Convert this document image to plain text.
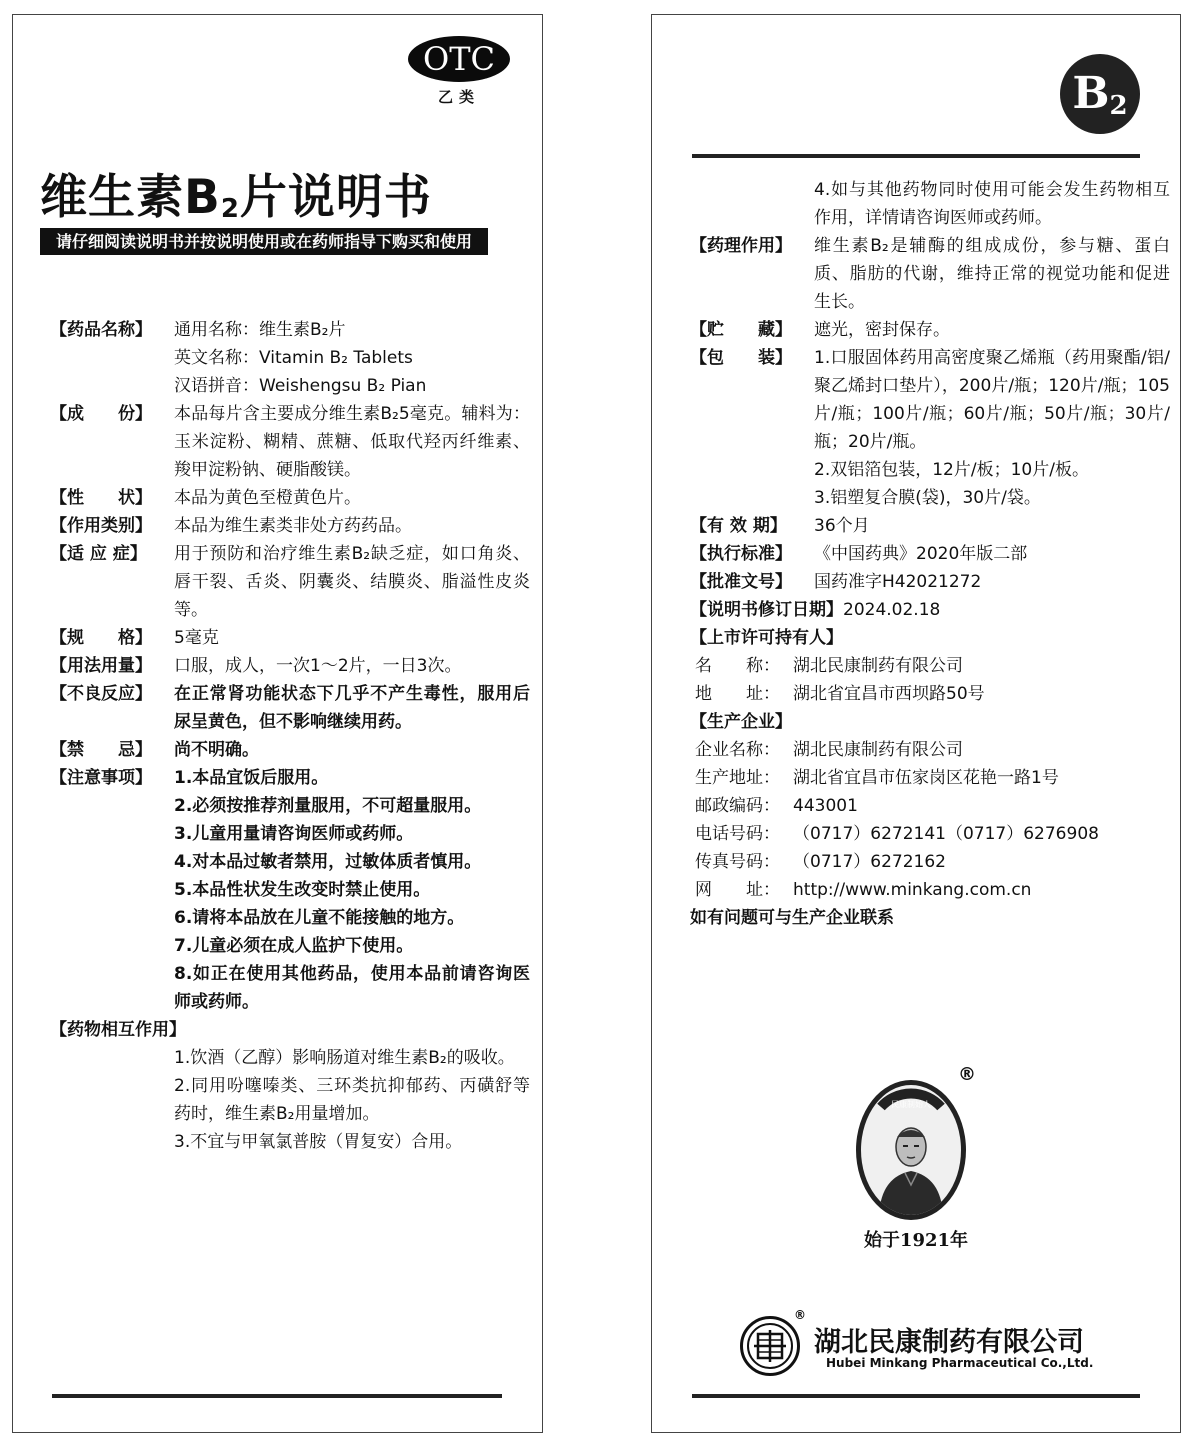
OTC
乙类
维生素$B_2$片说明书
请仔细阅读说明书并按说明使用或在药师指导下购买和使用
【药品名称】	通用名称：维生素B₂片
英文名称：Vitamin B₂ Tablets
汉语拼音：Weishengsu B₂ Pian
【成　　份】	本品每片含主要成分维生素B₂5毫克。辅料为：玉米淀粉、糊精、蔗糖、低取代羟丙纤维素、羧甲淀粉钠、硬脂酸镁。
【性　　状】	本品为黄色至橙黄色片。
【作用类别】	本品为维生素类非处方药药品。
【适 应 症】	用于预防和治疗维生素B₂缺乏症，如口角炎、唇干裂、舌炎、阴囊炎、结膜炎、脂溢性皮炎等。
【规　　格】	5毫克
【用法用量】	口服，成人，一次1～2片，一日3次。
【不良反应】	在正常肾功能状态下几乎不产生毒性，服用后尿呈黄色，但不影响继续用药。
【禁　　忌】	尚不明确。
【注意事项】	1.本品宜饭后服用。
2.必须按推荐剂量服用，不可超量服用。
3.儿童用量请咨询医师或药师。
4.对本品过敏者禁用，过敏体质者慎用。
5.本品性状发生改变时禁止使用。
6.请将本品放在儿童不能接触的地方。
7.儿童必须在成人监护下使用。
8.如正在使用其他药品，使用本品前请咨询医师或药师。
【药物相互作用】
1.饮酒（乙醇）影响肠道对维生素B₂的吸收。
2.同用吩噻嗪类、三环类抗抑郁药、丙磺舒等药时，维生素B₂用量增加。
3.不宜与甲氧氯普胺（胃复安）合用。
$B_2$
4.如与其他药物同时使用可能会发生药物相互作用，详情请咨询医师或药师。
【药理作用】	维生素B₂是辅酶的组成成份，参与糖、蛋白质、脂肪的代谢，维持正常的视觉功能和促进生长。
【贮　　藏】	遮光，密封保存。
【包　　装】	1.口服固体药用高密度聚乙烯瓶（药用聚酯/铝/聚乙烯封口垫片），200片/瓶；120片/瓶；105片/瓶；100片/瓶；60片/瓶；50片/瓶；30片/瓶；20片/瓶。
2.双铝箔包装，12片/板；10片/板。
3.铝塑复合膜(袋)，30片/袋。
【有 效 期】	36个月
【执行标准】	《中国药典》2020年版二部
【批准文号】	国药准字H42021272
【说明书修订日期】 2024.02.18
【上市许可持有人】
名　　称： 湖北民康制药有限公司
地　　址： 湖北省宜昌市西坝路50号
【生产企业】
企业名称： 湖北民康制药有限公司
生产地址： 湖北省宜昌市伍家岗区花艳一路1号
邮政编码： 443001
电话号码： （0717）6272141（0717）6276908
传真号码： （0717）6272162
网　　址： http://www.minkang.com.cn
如有问题可与生产企业联系
民康制始人
®
始于1921年
®
湖北民康制药有限公司
Hubei Minkang Pharmaceutical Co.,Ltd.
